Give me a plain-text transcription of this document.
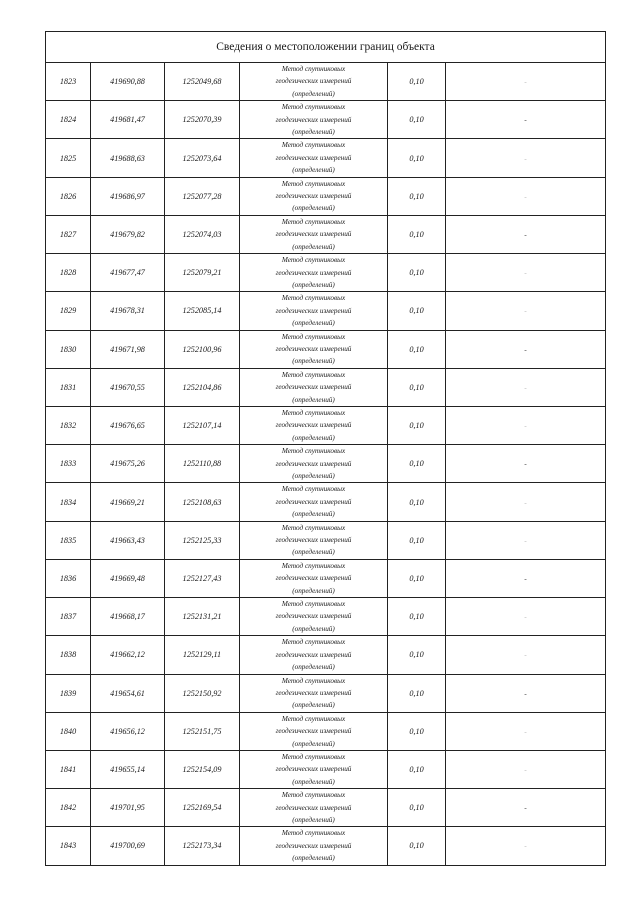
Сведения о местоположении границ объекта					
1823	419690,88	1252049,68	Метод спутниковых
геодезических измерений
(определений)	0,10	-
1824	419681,47	1252070,39	Метод спутниковых
геодезических измерений
(определений)	0,10	-
1825	419688,63	1252073,64	Метод спутниковых
геодезических измерений
(определений)	0,10	-
1826	419686,97	1252077,28	Метод спутниковых
геодезических измерений
(определений)	0,10	-
1827	419679,82	1252074,03	Метод спутниковых
геодезических измерений
(определений)	0,10	-
1828	419677,47	1252079,21	Метод спутниковых
геодезических измерений
(определений)	0,10	-
1829	419678,31	1252085,14	Метод спутниковых
геодезических измерений
(определений)	0,10	-
1830	419671,98	1252100,96	Метод спутниковых
геодезических измерений
(определений)	0,10	-
1831	419670,55	1252104,86	Метод спутниковых
геодезических измерений
(определений)	0,10	-
1832	419676,65	1252107,14	Метод спутниковых
геодезических измерений
(определений)	0,10	-
1833	419675,26	1252110,88	Метод спутниковых
геодезических измерений
(определений)	0,10	-
1834	419669,21	1252108,63	Метод спутниковых
геодезических измерений
(определений)	0,10	-
1835	419663,43	1252125,33	Метод спутниковых
геодезических измерений
(определений)	0,10	-
1836	419669,48	1252127,43	Метод спутниковых
геодезических измерений
(определений)	0,10	-
1837	419668,17	1252131,21	Метод спутниковых
геодезических измерений
(определений)	0,10	-
1838	419662,12	1252129,11	Метод спутниковых
геодезических измерений
(определений)	0,10	-
1839	419654,61	1252150,92	Метод спутниковых
геодезических измерений
(определений)	0,10	-
1840	419656,12	1252151,75	Метод спутниковых
геодезических измерений
(определений)	0,10	-
1841	419655,14	1252154,09	Метод спутниковых
геодезических измерений
(определений)	0,10	-
1842	419701,95	1252169,54	Метод спутниковых
геодезических измерений
(определений)	0,10	-
1843	419700,69	1252173,34	Метод спутниковых
геодезических измерений
(определений)	0,10	-
